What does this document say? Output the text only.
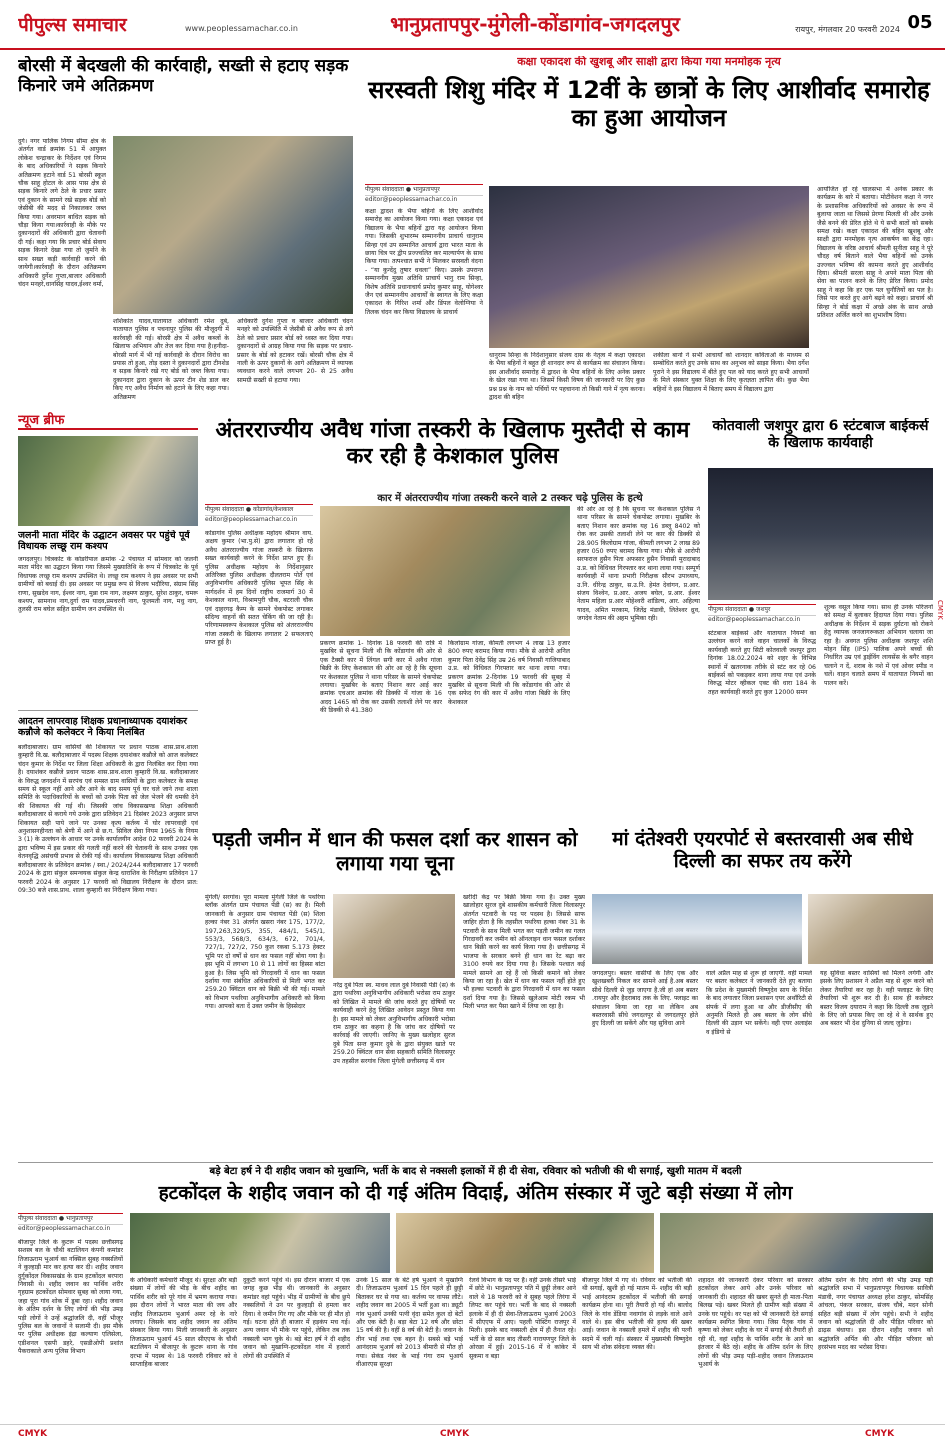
पीपुल्स समाचार	www.peoplessamachar.co.in	भानुप्रतापपुर-मुंगेली-कोंडागांव-जगदलपुर	रायपुर, मंगलवार 20 फरवरी 2024 05
बोरसी में बेदखली की कार्रवाही, सख्ती से हटाए सड़क किनारे जमे अतिक्रमण
दुर्ग। नगर पालिक निगम सीमा क्षेत्र के अंतर्गत वार्ड क्रमांक 51 में आयुक्त लोकेश चन्द्राकर के निर्देशन एवं निगम के बाद अधिकारियों ने सड़क किनारे अतिक्रमण हटाने वार्ड 51 बोरसी स्कूल चौक साहू होटल के आस पास क्षेत्र से सड़क किनारे लगे ठेले के प्रचार प्रसार एवं दुकान के सामने रखे सड़क बोर्ड को जेसीबी की मदद से निकालकर जब्त किया गया। अवरमान बाधित सड़क को चौड़ा किया गया।कार्रवाही के मौके पर दुकानदारों की अधिकारी द्वारा चेतावनी दी गई। कहा गया कि प्रचार बोर्ड सेवाय सड़क किनारे देखा गया तो जुर्माने के साथ सख्त कड़ी कार्रवाही करने की जायेगी।कार्रवाही के दौरान अतिक्रमण अधिकारी दुर्गेश गुप्ता,बाजार अधिकारी चंदन मनहरे,धानसिंह यादव,ईश्वर वर्मा,
शशिकांत यादव,यातायात अधिकारी रमेश दुबे, यातायात पुलिस व पचनापुर पुलिस की मौजूदगी में कार्रवाही की गई। बोरसी क्षेत्र में अवैध कब्जों के खिलाफ अभियान और तेज कर दिया गया है।हनीदा-बोरसी मार्ग में भी गई कार्रवाही के दौरान विरोध का प्रयास तो हुआ, तोड़ दस्ता ने दुकानदारों द्वारा टीनशेड व सड़क किनारे रखे गए बोर्ड को जब्त किया गया।दुकानदार द्वारा दुकान के ऊपर टीन शेड डाल कर किए गए अवैध निर्माण को हटाने के लिए कहा गया।अतिक्रमण
अधिकारी दुर्गेश गुप्ता व बाजार अधिकारी चंदन मनहरे को उपस्थिति में जेसीबी से अवैध रूप से लगे ठेले को प्रचार प्रसार बोर्ड को ध्वस्त कर दिया गया। दुकानदारों से आग्रह किया गया कि सड़क पर प्रचार-प्रसार के बोर्ड को हटाकर रखें। बोरसी चौक क्षेत्र में नाली के ऊपर दुकानों के आगे अतिक्रमण में व्यापक व्यवधान करने वाले लगभग 20- से 25 अवैध सामग्री सख्ती से हटाया गया।
कक्षा एकादश की खुशबू और साक्षी द्वारा किया गया मनमोहक नृत्य
सरस्वती शिशु मंदिर में 12वीं के छात्रों के लिए आशीर्वाद समारोह का हुआ आयोजन
पीपुल्स संवाददाता ● भानुप्रतापपुर
editor@peoplessamachar.co.in
कक्षा द्वादश के भैया बहिनों के लिए आशीर्वाद समारोह का आयोजन किया गया। कक्षा एकादश एवं विद्यालय के भैया बहिनों द्वारा यह आयोजन किया गया। जिसकी शुभारम्भ सम्माननीय प्राचार्य धानुराम सिन्हा एवं उप सम्मानित आचार्य द्वारा भारत माता के छाया चित्र पर द्वीप प्रज्ज्वलित कर माल्यार्पण के साथ किया गया। तत्पश्चात सभी ने मिलकर सरस्वती वंदना - “या कुन्देंदु तुषार धवला” किए। उसके उपरान्त सम्माननीय मुख्य अतिथि प्राचार्य भानु राम सिन्हा, विशेष अतिथि प्रधानाचार्य प्रमोद कुमार साहू, योगेश्वर जैन एवं सम्माननीय आचार्यों के स्वागत के लिए कक्षा एकादश के गिरिश शर्मा और डिंपल वेलोग्निया ने तिलक चंदन कर किया विद्यालय के प्राचार्य
धानुराम सिन्हा के निर्देशानुसार संजय दास के नेतृत्व में कक्षा एकादश के भैया बहिनों ने बहुत ही शानदार रूप से कार्यक्रम का संचालन किया। इस आशीर्वाद समारोह में द्वादश के भैया बहिनों के लिए अनेक प्रकार के खेल रखा गया था। जिसमें किसी विषय की जानकारी पर दिए कुछ प्रश्न प्रश्न के नाम को पर्चियों पर पहचानना तो किसी गाने में नृत्य करना। द्वादश की बहिन
शकीला बानो ने सभी आचार्यों को शानदार कविताओं के माध्यम से सम्बोधित करते हुए उनके साथ का अनुभव को साझा किया। भैया दर्गेश पुराने ने इस विद्यालय में बीते हुए पल को याद करते हुए सभी आचार्यों के मिले संस्कार युक्त शिक्षा के लिए कृतज्ञता ज्ञापित की। कुछ भैया बहिनों ने इस विद्यालय में बिताए समय में विद्यालय द्वारा
आयोजित हो रहे चालसभा में अनेक प्रकार के कार्यक्रम के बारे में बताया। मोटीवेशन कक्षा ने नगर के प्रशासनिक अधिकारियों को अवसर के रूप में बुलाया जाता था जिससे प्रेरणा मिलती थी और उनके जैसे बनने की प्रेरित होते थे ये सभी बातों को सबके समक्ष रखे। कक्षा एकादश की बहिन खुशबू और साक्षी द्वारा मनमोहक नृत्य आकर्षण का केंद्र रहा। विद्यालय के वरिष्ठ आचार्य श्रीमती सुनीता साहू ने पूरे चौदह वर्ष बिताने वाले भैया बहिनों को उनके उज्ज्वल भविष्य की कामना करते हुए आशीर्वाद दिया। श्रीमती सरला साहू ने अपने माता पिता की सेवा का पालन करने के लिए प्रेरित किया। प्रमोद साहू ने कहा कि हर एक पल चुनौतियों का पल है। जिसे पार करते हुए आगे बढ़ने को कहा। प्राचार्य श्री सिन्हा ने बोर्ड कक्षा में अच्छे अंक के साथ अच्छे प्रतिशत अर्जित करने का शुभाशीष दिया।
न्यूज ब्रीफ
जलनी माता मंदिर के उद्घाटन अवसर पर पहुंचे पूर्व विधायक लच्छू राम कश्यप
जगदलपुर। चित्रकोट के कोडरीपाल क्रमांक -2 पंचायत में सोमवार को जलनी माता मंदिर का उद्घाटन किया गया जिसमे मुख्यातिथि के रूप में चित्रकोट के पूर्व विधायक लच्छू राम कश्यप उपस्थित थे। लच्छू राम कश्यप ने इस अवसर पर सभी ग्रामीणों को बधाई दी। इस अवसर पर प्रमुख रूप से विजय भदौरिया, संग्राम सिंह राणा, सुखदेव नाग, ईश्वर नाग, मुन्ना राम नाग, लक्ष्मण ठाकुर, सुरेश ठाकुर, चमरू कश्यप, सामनाथ नाग,दुर्गा राम यादव,प्रमचरनी नाग, फूलमती नाग, मधु नाग, तुलसी राम बघेल सहित ग्रामीण जन उपस्थित थे।
आदतन लापरवाह शिक्षक प्रधानाध्यापक दयाशंकर कन्नौजे को कलेक्टर ने किया निलंबित
बलौदाबाजार। ग्राम वासियों की शिकायत पर प्रधान पाठक शास.प्राथ.शाला कुम्हारी वि.ख. बलौदाबाजार में पदस्थ शिक्षक दयाशंकर कन्नौजे को आज कलेक्टर चंदन कुमार के निर्देश पर जिला शिक्षा अधिकारी के द्वारा निलंबित कर दिया गया है। दयाशंकर कन्नौजे प्रधान पाठक शास.प्राथ.शाला कुम्हारी वि.ख. बलौदाबाजार के विरुद्ध जनदर्शन में सरपंच एवं समस्त ग्राम वासियों के द्वारा कलेक्टर के समक्ष समय से स्कूल नहीं आने और आने के बाद समय पूर्व घर चले जाने तथा शाला समिति के पदाधिकारियों के बच्चों को उनके पिता को जेल भेजने की धमकी देने की शिकायत की गई थी। जिसकी जांच विकासखण्ड शिक्षा अधिकारी बलौदाबाजार से कराये गये उनके द्वारा प्रतिवेदन 21 दिसंबर 2023 अनुसार प्राप्त शिकायत सही पाये जाने पर उनका कृत्य कर्तव्य में घोर लापरवाही एवं अनुशासनहीनता को श्रेणी में आने से छ.ग. सिविल सेवा नियम 1965 के नियम 3 (1) के उल्लंघन के आधार पर उनके कार्यालयीन आदेश 02 फरवरी 2024 के द्वारा भविष्य में इस प्रकार की गलती नहीं करने की चेतावनी के साथ उनका एक वेतनवृद्धि असंचयी प्रभाव से रोकी गई थी। कार्यालय विकासखण्ड शिक्षा अधिकारी बलौदाबाजार के प्रतिवेदन क्रमांक / स्था./ 2024/244 बलौदाबाजार 17 फरवरी 2024 के द्वारा संकुल समन्वयक संकुल केन्द्र धाराशिव के निरीक्षण प्रतिवेदन 17 फरवरी 2024 के अनुसार 17 फरवरी को विद्यालय निरीक्षण के दौरान प्रात: 09:30 बजे शास.प्राथ. शाला कुम्हारी का निरीक्षण किया गया।
अंतरराज्यीय अवैध गांजा तस्करी के खिलाफ मुस्तैदी से काम कर रही है केशकाल पुलिस
कार में अंतरराज्यीय गांजा तस्करी करने वाले 2 तस्कर चढ़े पुलिस के हत्थे
पीपुल्स संवाददाता ● कोंडागांव/केशकाल
editor@peoplessamachar.co.in
कोंडागांव पुलिस अधीक्षक महोदय श्रीमान वाय. अक्षय कुमार (भा.पु.से) द्वारा लगातार हो रहे अवैध अंतरराज्यीय गांजा तस्करी के खिलाफ सख्त कार्यवाही करने के निर्देश प्राप्त हुए हैं। पुलिस अधीक्षक महोदय के निर्देशानुसार अतिरिक्त पुलिस अधीक्षक दौलतराम पोर्ते एवं अनुविभागीय अधिकारी पुलिस भूपत सिंह के मार्गदर्शन में हम दिनों राष्ट्रीय राजमार्ग 30 में केशकाल थाना, विश्रामपुरी चौक, बटराली चौक एवं दाहरगढ़ कैम्प के सामने चेकपोस्ट लगाकर संदिग्ध वाहनों की सतत चेकिंग की जा रही है। परिणामस्वरूप केशकाल पुलिस को अंतरराज्यीय गांजा तस्करी के खिलाफ लगातार 2 सफलताएं प्राप्त हुई है।	प्रकरण क्रमांक 1- दिनांक 18 फरवरी की रात्रि में मुखबिर से सूचना मिली थी कि कोंडागांव की ओर से एक टैक्सी कार में लिंगल सगी कार में अवैध गांजा बिक्री के लिए केशकाल की ओर आ रहे है कि सूचना पर केशकाल पुलिस ने थाना परिसर के सामने चेकपोस्ट लगाया। मुखबिर के बताए निशान कार आई कार क्रमांक एचआर क्रमांक की डिक्की में गांजा के 16 अदद 1465 को रोक कर उसकी तलाशी लेने पर कार की डिक्की से 41.380
किलोग्राम गांजा, कीमती लगभग 4 लाख 13 हजार 800 रुपए बरामद किया गया। मौके से आरोपी अनिल कुमार पिता देवेंद्र सिंह उम्र 26 वर्ष निवासी गाजियाबाद उ.प्र. को विधिवत गिरफ्तार कर थाना लाया गया। प्रकरण क्रमांक 2-दिनांक 19 फरवरी की सुबह में मुखबिर से सूचना मिली थी कि कोंडागांव की ओर से एक सफेद रंग की कार में अवैध गांजा बिक्री के लिए केशकाल
की ओर आ रहे है कि सूचना पर केशकाल पुलिस ने थाना परिसर के सामने चेकपोस्ट लगाया। मुखबिर के बताए निशान कार क्रमांक यह 16 डब्लू 8402 को रोक कर उसकी तलाशी लेने पर कार की डिक्की से 28.905 किलोग्राम गांजा, कीमती लगभग 2 लाख 89 हजार 050 रुपए बरामद किया गया। मौके से आरोपी सरफराज हुसैन पिता अफसार हुसैन निवासी मुरादाबाद उ.प्र. को विधिवत गिरफ्तार कर थाना लाया गया। सम्पूर्ण कार्यवाही में थाना प्रभारी निरीक्षक सौरभ उपाध्याय, उ.नि. धीरेन्द्र ठाकुर, स.उ.नि. हेमंत देवांगन, प्र.आर. संजय विश्वेन, प्र.आर. अजय बघेल, प्र.आर. ईश्वर नेताम महिला प्र.आर मोहेश्वरी शांडिल्य, आर. अहिल्या यादव, अमित मरकाम, जितेंद्र मंडावी, लितेश्वर ध्रुव, जगदेव नेताम की अहम भूमिका रही।
कोतवाली जशपुर द्वारा 6 स्टंटबाज बाईकर्स के खिलाफ कार्यवाही
पीपुल्स संवाददाता ● जशपुर
editor@peoplessamachar.co.in
स्टंटबाज बाईकर्स और यातायात नियमों का उल्लंघन करने वाले वाहन चालकों के विरुद्ध कार्यवाही करते हुए सिटी कोतवाली जशपुर द्वारा दिनांक 18.02.2024 को शहर के विभिन्न स्थानों में खतरनाक तरीके से स्टंट कर रहे 06 बाईकर्स को पकड़कर थाना लाया गया एवं उनके विरुद्ध मोटर व्हीकल एक्ट की धारा 184 के तहत कार्यवाही करते हुए कुल 12000 समन
शुल्क वसूल किया गया। साथ ही उनके परिजनों को समक्ष में बुलाकर हिदायत दिया गया। पुलिस अधीक्षक के निर्देशन में सड़क दुर्घटना को रोकने हेतु व्यापक जनजागरूकता अभियान चलाया जा रहा है। अवगत पुलिस अधीक्षक जशपुर शशि मोहन सिंह (IPS) पालिक अपने बच्चों की निर्धारित उम्र एवं ड्राईविंग लायसेंस के बगैर वाहन चलाने न दें, शराब के नशे में एवं ओवर स्पीड न चलें। वाहन चलाते समय में यातायात नियमों का पालन करें।
पड़ती जमीन में धान की फसल दर्शा कर शासन को लगाया गया चूना
मुंगेली/ सरगांव। पूरा मामला मुंगेली जिले के पथरिया ब्लॉक अंतर्गत ग्राम पंचायत पेंडी (स) का है। मिली जानकारी के अनुसार ग्राम पंचायत पेंडी (स) शिला हल्का नंबर 31 अंतर्गत खसरा नंबर 175, 177/2, 197,263,329/5, 355, 484/1, 545/1, 553/3, 568/3, 634/3, 672, 701/4, 727/1, 727/2, 750 कुल रकबा 5.173 हेक्टर भूमि पर दो वर्षों से धान का फसल नहीं बोया गया है। इस भूमि में लगभग 10 से 11 लोगों का हिस्सा बांटा हुआ है। जिस भूमि को गिरदावरी में धान का फसल दर्शाया गया संबंधित अधिकारियों से मिली भगत कर 259.20 क्विंटल धान को बिक्री भी की गई। मामले को विभाग पथरिया अनुविभागीय अधिकारी को किया गया। आपको बता दें उक्त जमीन के हिस्सेदार
नरेंद्र दुबे पिता स्व. माधव लाल दुबे निवासी पेंडी (स) के द्वारा पथरिया अनुविभागीय अधिकारी भरोसा राम ठाकुर को लिखित में मामले की जांच करते हुए दोषियों पर कार्यवाही करने हेतु लिखित आवेदन प्रस्तुत किया गया है। इस मामले को लेकर अनुविभागीय अधिकारी भरोसा राम ठाकुर का कहना है कि जांच कर दोषियों पर कार्रवाई की जाएगी। जानिए के मुख्य खलोहार सुरज दुबे पिता सन्त कुमार दुबे के द्वारा संयुक्त खाते पर 259.20 क्विंटल धान सेवा सहकारी समिति विलासपुर उप तहसील सरगांव जिला मुंगेली छत्तीसगढ़ में धान
खरीदी केंद्र पर बिक्री किया गया है। उक्त मुख्य खालोहार सुरज दुबे शासकीय कर्मचारी जिला विलासपुर अंतर्गत पटवारी के पद पर पदस्थ है। जिससे साफ जाहिर होता है कि तहसील पथरिया हल्का नंबर 31 के पटवारी के साथ मिली भगत कर पड़ती जमीन का गलत गिरदावरी कर जमीन को ऑनलाइन धान फसल दर्शाकर धान बिक्री करने का कार्य किया गया है। छत्तीसगढ़ में भाजपा के सरकार बनने ही धान का रेट बढ़ा कर 3100 रुपये कर दिया गया है। जिसके पश्चात कई मामले सामने आ रहे हैं जो किसी कमाने को लेकर किया जा रहा है। खेत में धान का फसल नहीं होते हुए भी हल्का पटवारी के द्वारा गिरदावरी में धान का फसल दर्शा दिया गया है। जिससे खुलेआम मोटी रकम भी मिली भगत कर पैसा खाने में लिया जा रहा है।
मां दंतेश्वरी एयरपोर्ट से बस्तरवासी अब सीधे दिल्ली का सफर तय करेंगे
जगदलपुर। बस्तर वासीयों के लिए एक और खुशखबरी निकल कर सामने आई है.अब बस्तर सीधे दिल्ली से जुड़ जाएगा है.जी हां अब बस्तर .रायपुर और हैदराबाद तक के लिए. फ्लाइट का संचालन किया जा रहा था लेकिन अब बस्तरवासी सीधे जगदलपुर से जगदलपुर होते हुए दिल्ली जा सकेंगे और यह सुविधा आने
वाले अप्रैल माह से शुरू हो जाएगी. वहीं मामले पर बस्तर कलेक्टर ने जानकारी देते हुए बताया कि प्रदेश के मुख्यमंत्री विष्णुदेव साय के निर्देश के बाद लगातार जिला प्रशासन एयर अथॉरिटी से संपर्क में लगा हुआ था और डीजीसीए की अनुमति मिलते ही अब बस्तर के लोग सीधे दिल्ली की उड़ान भर सकेंगे। वही एयर अलाइंस व इंडिगो से
यह सुविधा बस्तर वासियों को मिलने लगेगी और इसके लिए प्रशासन ने अप्रैल माह से शुरू करने को लेकर तैयारियां कर रहा है। वही फ्लाइट के लिए तैयारियां भी शुरू कर दी है। साथ ही कलेक्टर बस्तर विजय दयाराम ने कहा कि दिल्ली तक जुड़ने के लिए जो प्रयास किए जा रहे थे वे सार्थक हुए अब बस्तर भी देश दुनिया से जल्द जुड़ेगा।
बड़े बेटा हर्ष ने दी शहीद जवान को मुखाग्नि, भर्ती के बाद से नक्सली इलाकों में ही दी सेवा, रविवार को भतीजी की थी सगाई, खुशी मातम में बदली
हटकोंदल के शहीद जवान को दी गई अंतिम विदाई, अंतिम संस्कार में जुटे बड़ी संख्या में लोग
पीपुल्स संवाददाता ● भानुप्रतापपुर
editor@peoplessamachar.co.in
बीजापुर जिले के कुटरू में पदस्थ छत्तीसगढ़ सशस्त्र बल के चौथी बटालियन कंपनी कमांडर तिजाऊराम भुआर्य का नक्सिल सुबह नक्सलियों ने कुल्हाड़ी मार कर हत्या कर दी। शहीद जवान दुर्गूकोंदल विकासखंड के ग्राम हटकोंदल बरपारा निवासी थे। शहीद जवान का पार्थिव शरीर गृहग्राम हटकोंदल सोमवार सुबह को लाया गया, जहा पूरा गांव शोक में डूबा रहा। शहीद जवान के अंतिम दर्शन के लिए लोगों की भीड़ उमड़ पड़ी लोगों ने उन्हें श्रद्धांजलि दी, वहीं भीजूर पुलिस बल के जवानों ने सलामी दी। इस मौके पर पुलिस अधीक्षक इंद्रा कल्याण एलिसेला, एडीशनल एसपी डहरे, एसडीओपी प्रशांत पैकराकाले अन्य पुलिस विभाग
के अधिकारी कर्मचारी मौजूद थे। सुरक्षा और बड़ी संख्या में लोगों की भीड़ के बीच शहीद का पार्थिव शरीर को पूरे गांव में भ्रमण कराया गया। इस दौरान लोगों ने भारत माता की जय और शहीद तिजाऊराम भुआर्य अमर रहे के नारे लगाए। जिसके बाद शहीद जवान का अंतिम संस्कार किया गया। मिली जानकारी के अनुसार तिजाऊराम भुआर्य 45 साल सीएएफ के चौथी बटालियन में बीजापुर के कुटरू थाना के गांव दरभा में पदस्थ थे। 18 फरवरी रविवार को वे साप्ताहिक बाजार
दुकुटी करने पहुंचे थे। इस दौरान बाजार में एक जगह कुछ भीड़ थी। जानकारी के अनुसार कमांडर वहां पहुंचे। भीड़ में ग्रामीणों के बीच छुपे नक्सलियों ने उन पर कुल्हाड़ी से हमला कर दिया। वे जमीन गिर गए और मौके पर ही मौत हो गई। घटना होते ही बाजार में हड़कंप मच गई। अन्य जवान भी मौके पर पहुंचे, लेकिन तब तक नक्सली भाग चुके थे। बड़े बेटा हर्ष ने दी शहीद जवान को मुखाग्नि-हटकोंदल गांव में हजारों लोगों की उपस्थिति में
उनके 15 साल के बेटे हर्ष भुआर्य ने मुखाग्नि दी। तिजाऊराम भुआर्य 15 दिन पहले ही छुट्टी बिताकर घर से गया था। कर्तव्य पर वापस लौटे। शहीद जवान का 2005 में भर्ती हुआ था। ड्यूटी गांव भुआर्य उनकी पत्नी वृंदा समेत कुल दो बेटों और एक बेटी है। बड़ा बेटा 12 वर्ष और छोटा 15 वर्ष की है। वहीं 8 वर्ष की बेटी है। जवान के तीन भाई तथा एक बहन है। सबसे बड़े भाई आनंदराम भुआर्य को 2013 बीमारी से मौत हो गया। सेकंड नंबर के भाई गंगा राम भुआर्य वीआरएस सुरक्षा
रेलवे विभाग के पद पर हैं। वहीं उनके तीसरे भाई में छोटे थे। भानुप्रतापपुर पति में छुट्टी लेकर आने वाले थे 18 फरवरी को वे सुबह पहले तिरंगा में लिपट कर पहुंचे घर। भर्ती के बाद से नक्सली इलाके में ही दी सेवा-तिजाऊराम भुआर्य 2003 में सीएएफ में आए। पहली पोस्टिंग राजपुर में मिली। इसके बाद नक्सली क्षेत्र में ही तैनात रहे। भर्ती के दो साल बाद तीसरी नारायणपुर जिले के ओरछा में हुई। 2015-16 में वे कांकेर में सुकमा व बड़ा
बीजापुर जिले में गए थे। रविवार को भतीजी की थी सगाई, खुशी हो गई मातम में- शहीद की बड़ी भाई आनंदराम हटकोंदल में भतीजी की सगाई कार्यक्रम होना था। पूरी तैयारी हो गई थी। बालोद जिले के गांव डेंडिया नवागांव से लड़के वाले आने वाले थे। इस बीच भतीजी की हत्या की खबर आई। जवान के नक्सली हमले में शहीद की पत्नी सदमे में चली गई। संस्कार में मुख्यमंत्री विष्णुदेव साय भी शोक संवेदना व्यक्त की।
शहादत की जानकारी देकर परिवार को सरकार हटकोंदल लेकर आये और उनके परिवार को जानकारी दी। शहादत की खबर सुनते ही माता-पिता बिलख पड़े। खबर मिलते ही ग्रामीण बड़ी संख्या में उनके घर पहुंचे। वर पक्ष को भी जानकारी देते सगाई कार्यक्रम स्थगित किया गया। जिस पैतृक गांव में कृष्णा को लेकर शहीद के घर में सगाई की तैयारी हो रही थी, वहां शहीद के पार्थिव शरीर के आने का इंतजार में बैठे रहे। शहीद के अंतिम दर्शन के लिए लोगों की भीड़ उमड़ पड़ी-शहीद जवान तिजाऊराम भुआर्य के
अंतिम दर्शन के लिए लोगों की भीड़ उमड़ पड़ी श्रद्धांजलि सभा में भानुप्रतापपुर विधायक सावित्री मंडावी, नगर पंचायत अध्यक्ष हरेश ठाकुर, सोमसिंह आंचला, पंकज सरकार, संजय चौबे, मदन सोनी सहित बड़ी संख्या में लोग पहुंचे। सभी ने शहीद जवान को श्रद्धांजलि दी और पीड़ित परिवार को ढाढ़स बंधाया। इस दौरान शहीद जवान को श्रद्धांजलि अर्पित की और पीड़ित परिवार को हरसंभव मदद का भरोसा दिया।
CMYK
CMYK	CMYK	CMYK
